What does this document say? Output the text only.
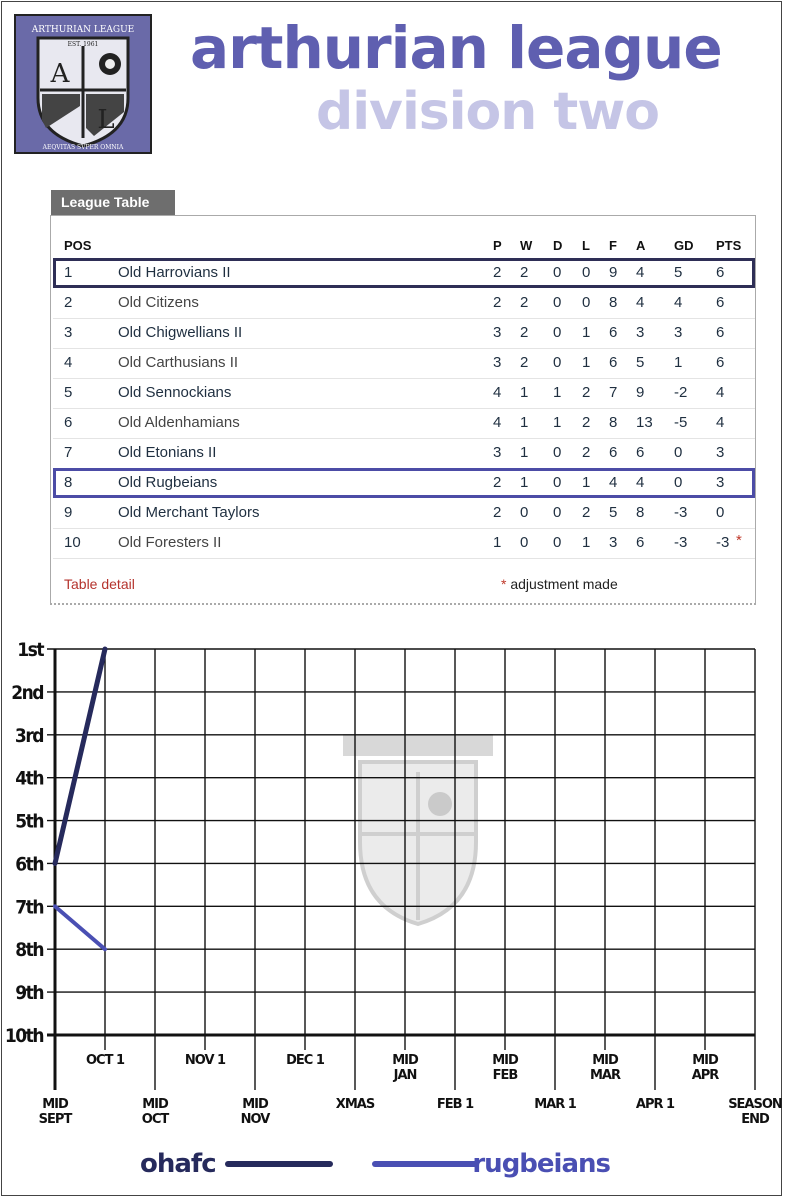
A
L
ARTHURIAN LEAGUE
EST. 1961
AEQVITAS SVPER OMNIA
arthurian league
division two
League Table
POS	P W D L F A GD PTS
1	Old Harrovians II	2 2 0 0 9 4 5 6
2	Old Citizens	2 2 0 0 8 4 4 6
3	Old Chigwellians II	3 2 0 1 6 3 3 6
4	Old Carthusians II	3 2 0 1 6 5 1 6
5	Old Sennockians	4 1 1 2 7 9 -2 4
6	Old Aldenhamians	4 1 1 2 8 13 -5 4
7	Old Etonians II	3 1 0 2 6 6 0 3
8	Old Rugbeians	2 1 0 1 4 4 0 3
9	Old Merchant Taylors	2 0 0 2 5 8 -3 0
10 Old Foresters II	1 0 0 1 3 6 -3 -3 *
Table detail	* adjustment made
1st
2nd
3rd
4th
5th
6th
7th
8th
9th
10th
OCT 1	NOV 1	DEC 1	MID JAN
MID FEB
MID MAR
MID APR
MID SEPT
MID OCT
MID NOV
XMAS	FEB 1	MAR 1	APR 1	SEASON END
ohafc	rugbeians
